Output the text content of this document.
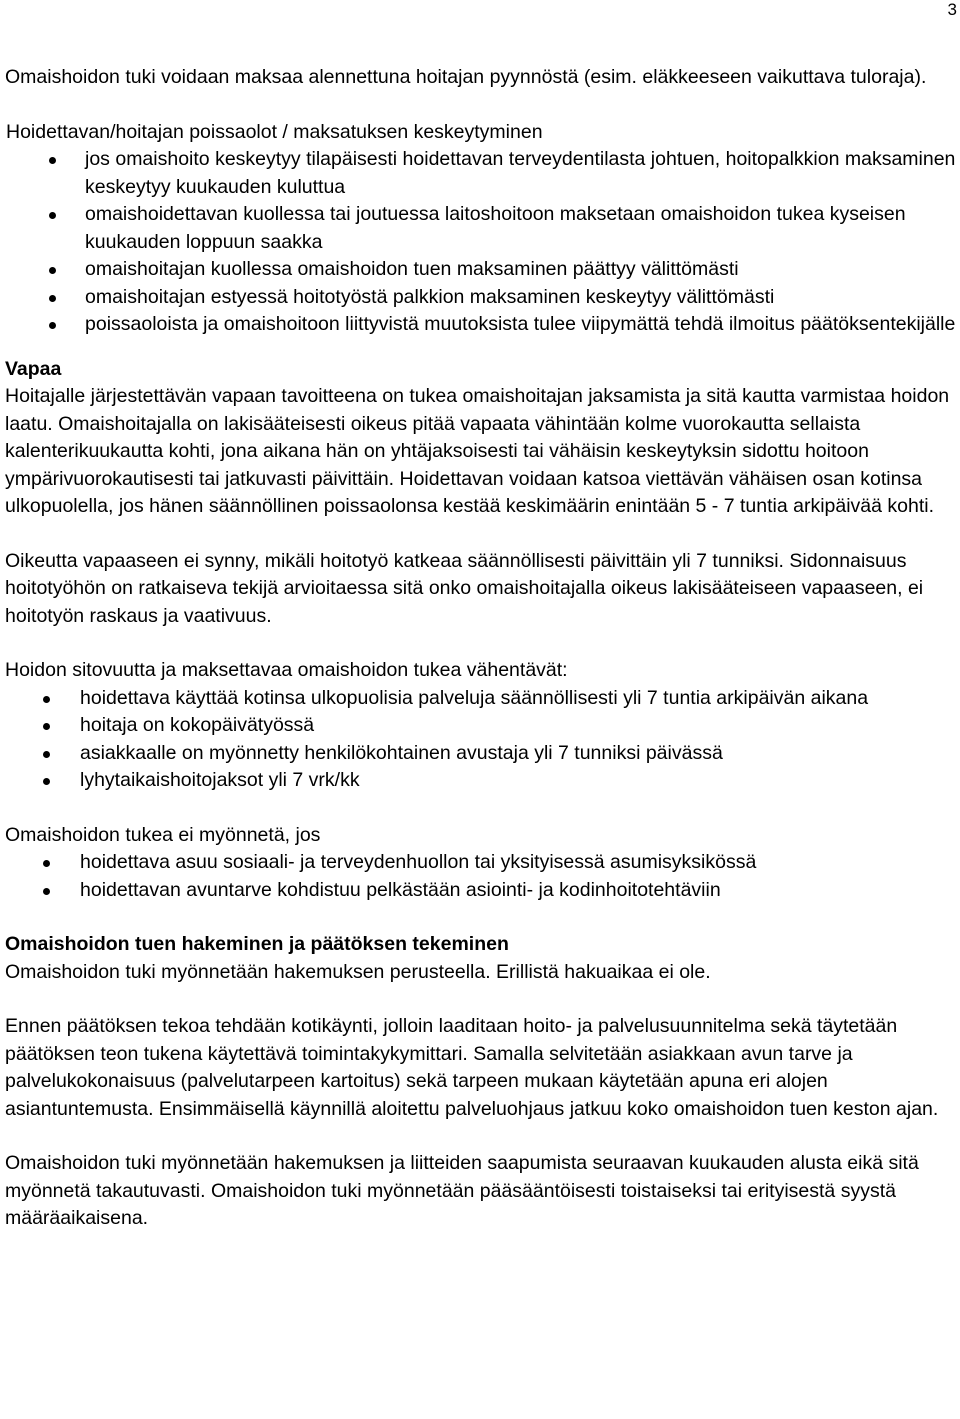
3

Omaishoidon tuki voidaan maksaa alennettuna hoitajan pyynnöstä (esim. eläkkeeseen vaikuttava tuloraja).

Hoidettavan/hoitajan poissaolot / maksatuksen keskeytyminen

jos omaishoito keskeytyy tilapäisesti hoidettavan terveydentilasta johtuen, hoitopalkkion maksaminen keskeytyy kuukauden kuluttua
omaishoidettavan kuollessa tai joutuessa laitoshoitoon maksetaan omaishoidon tukea kyseisen kuukauden loppuun saakka
omaishoitajan kuollessa omaishoidon tuen maksaminen päättyy välittömästi
omaishoitajan estyessä hoitotyöstä palkkion maksaminen keskeytyy välittömästi
poissaoloista ja omaishoitoon liittyvistä muutoksista tulee viipymättä tehdä ilmoitus päätöksentekijälle

Vapaa

Hoitajalle järjestettävän vapaan tavoitteena on tukea omaishoitajan jaksamista ja sitä kautta varmistaa hoidon laatu. Omaishoitajalla on lakisääteisesti oikeus pitää vapaata vähintään kolme vuorokautta sellaista kalenterikuukautta kohti, jona aikana hän on yhtäjaksoisesti tai vähäisin keskeytyksin sidottu hoitoon ympärivuorokautisesti tai jatkuvasti päivittäin. Hoidettavan voidaan katsoa viettävän vähäisen osan kotinsa ulkopuolella, jos hänen säännöllinen poissaolonsa kestää keskimäärin enintään 5 - 7 tuntia arkipäivää kohti.

Oikeutta vapaaseen ei synny, mikäli hoitotyö katkeaa säännöllisesti päivittäin yli 7 tunniksi. Sidonnaisuus hoitotyöhön on ratkaiseva tekijä arvioitaessa sitä onko omaishoitajalla oikeus lakisääteiseen vapaaseen, ei hoitotyön raskaus ja vaativuus.

Hoidon sitovuutta ja maksettavaa omaishoidon tukea vähentävät:

hoidettava käyttää kotinsa ulkopuolisia palveluja säännöllisesti yli 7 tuntia arkipäivän aikana
hoitaja on kokopäivätyössä
asiakkaalle on myönnetty henkilökohtainen avustaja yli 7 tunniksi päivässä
lyhytaikaishoitojaksot yli 7 vrk/kk

Omaishoidon tukea ei myönnetä, jos

hoidettava asuu sosiaali- ja terveydenhuollon tai yksityisessä asumisyksikössä
hoidettavan avuntarve kohdistuu pelkästään asiointi- ja kodinhoitotehtäviin

Omaishoidon tuen hakeminen ja päätöksen tekeminen

Omaishoidon tuki myönnetään hakemuksen perusteella. Erillistä hakuaikaa ei ole.

Ennen päätöksen tekoa tehdään kotikäynti, jolloin laaditaan hoito- ja palvelusuunnitelma sekä täytetään päätöksen teon tukena käytettävä toimintakykymittari. Samalla selvitetään asiakkaan avun tarve ja palvelukokonaisuus (palvelutarpeen kartoitus) sekä tarpeen mukaan käytetään apuna eri alojen asiantuntemusta. Ensimmäisellä käynnillä aloitettu palveluohjaus jatkuu koko omaishoidon tuen keston ajan.

Omaishoidon tuki myönnetään hakemuksen ja liitteiden saapumista seuraavan kuukauden alusta eikä sitä myönnetä takautuvasti. Omaishoidon tuki myönnetään pääsääntöisesti toistaiseksi tai erityisestä syystä määräaikaisena.
